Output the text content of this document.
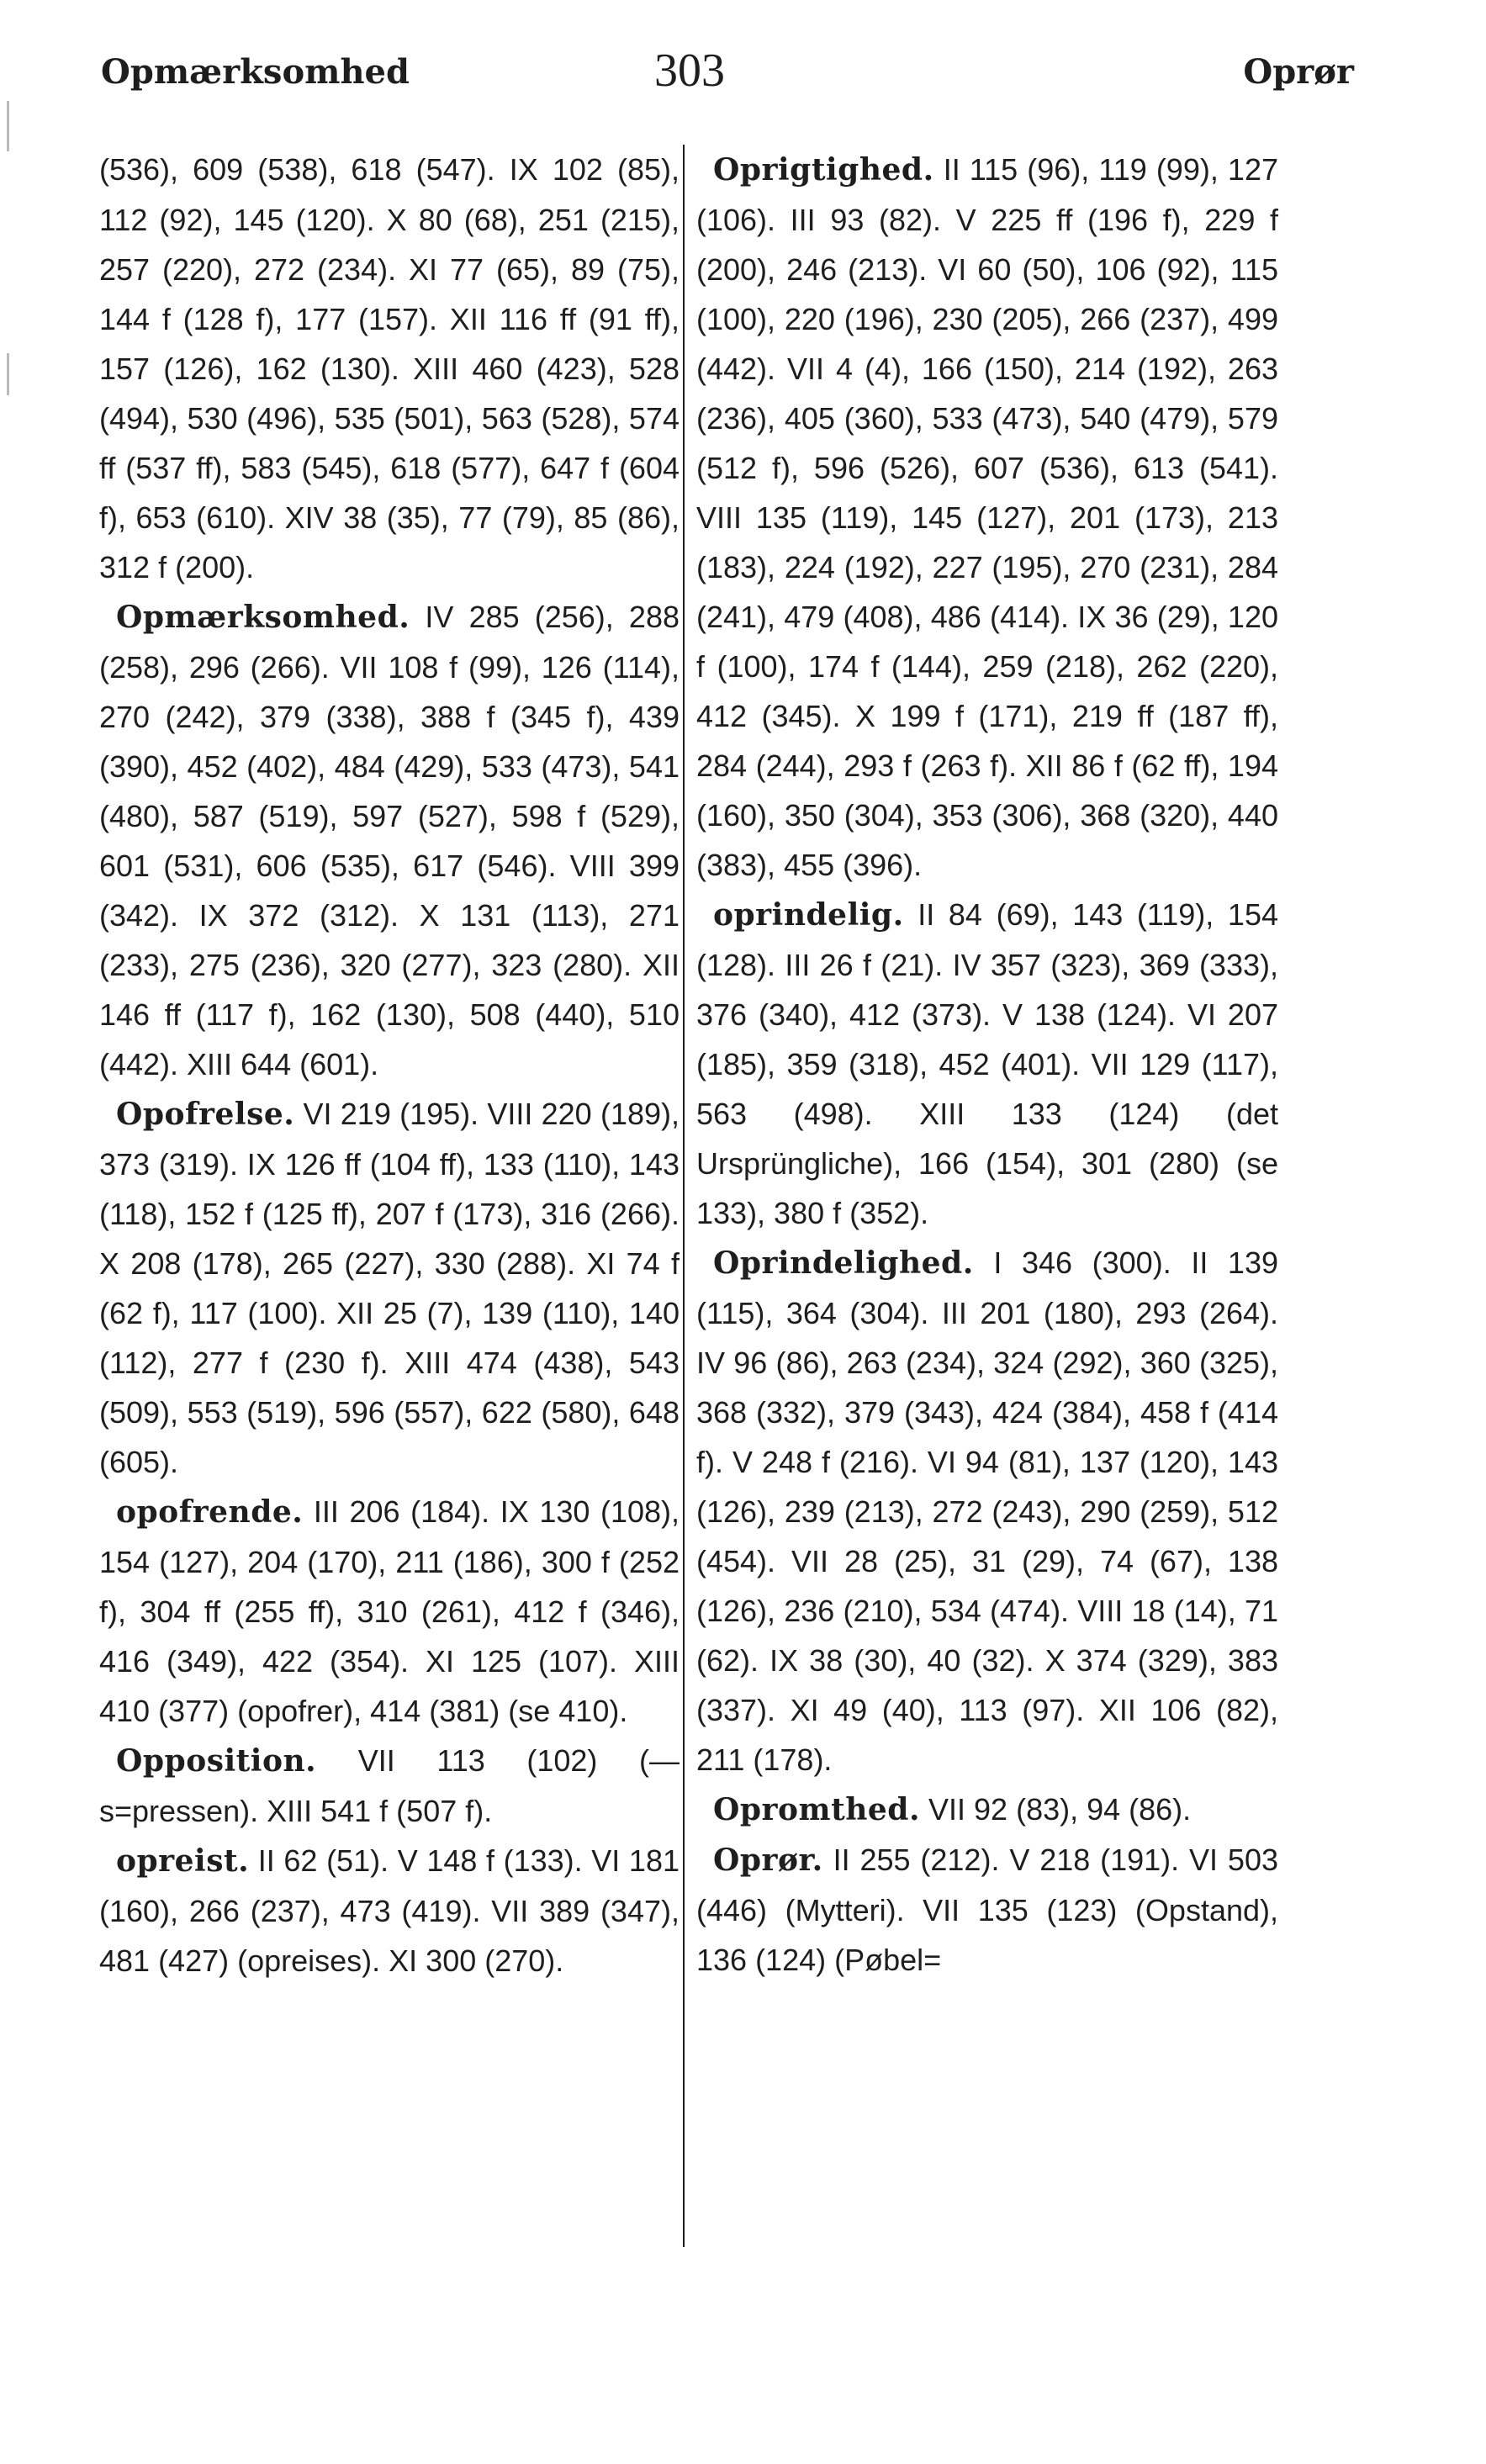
Opmærksomhed	303	Oprør

(536), 609 (538), 618 (547). IX 102 (85), 112 (92), 145 (120). X 80 (68), 251 (215), 257 (220), 272 (234). XI 77 (65), 89 (75), 144 f (128 f), 177 (157). XII 116 ff (91 ff), 157 (126), 162 (130). XIII 460 (423), 528 (494), 530 (496), 535 (501), 563 (528), 574 ff (537 ff), 583 (545), 618 (577), 647 f (604 f), 653 (610). XIV 38 (35), 77 (79), 85 (86), 312 f (200).

Opmærksomhed. IV 285 (256), 288 (258), 296 (266). VII 108 f (99), 126 (114), 270 (242), 379 (338), 388 f (345 f), 439 (390), 452 (402), 484 (429), 533 (473), 541 (480), 587 (519), 597 (527), 598 f (529), 601 (531), 606 (535), 617 (546). VIII 399 (342). IX 372 (312). X 131 (113), 271 (233), 275 (236), 320 (277), 323 (280). XII 146 ff (117 f), 162 (130), 508 (440), 510 (442). XIII 644 (601).

Opofrelse. VI 219 (195). VIII 220 (189), 373 (319). IX 126 ff (104 ff), 133 (110), 143 (118), 152 f (125 ff), 207 f (173), 316 (266). X 208 (178), 265 (227), 330 (288). XI 74 f (62 f), 117 (100). XII 25 (7), 139 (110), 140 (112), 277 f (230 f). XIII 474 (438), 543 (509), 553 (519), 596 (557), 622 (580), 648 (605).

opofrende. III 206 (184). IX 130 (108), 154 (127), 204 (170), 211 (186), 300 f (252 f), 304 ff (255 ff), 310 (261), 412 f (346), 416 (349), 422 (354). XI 125 (107). XIII 410 (377) (opofrer), 414 (381) (se 410).

Opposition. VII 113 (102) (—s=pressen). XIII 541 f (507 f).

opreist. II 62 (51). V 148 f (133). VI 181 (160), 266 (237), 473 (419). VII 389 (347), 481 (427) (opreises). XI 300 (270).

Oprigtighed. II 115 (96), 119 (99), 127 (106). III 93 (82). V 225 ff (196 f), 229 f (200), 246 (213). VI 60 (50), 106 (92), 115 (100), 220 (196), 230 (205), 266 (237), 499 (442). VII 4 (4), 166 (150), 214 (192), 263 (236), 405 (360), 533 (473), 540 (479), 579 (512 f), 596 (526), 607 (536), 613 (541). VIII 135 (119), 145 (127), 201 (173), 213 (183), 224 (192), 227 (195), 270 (231), 284 (241), 479 (408), 486 (414). IX 36 (29), 120 f (100), 174 f (144), 259 (218), 262 (220), 412 (345). X 199 f (171), 219 ff (187 ff), 284 (244), 293 f (263 f). XII 86 f (62 ff), 194 (160), 350 (304), 353 (306), 368 (320), 440 (383), 455 (396).

oprindelig. II 84 (69), 143 (119), 154 (128). III 26 f (21). IV 357 (323), 369 (333), 376 (340), 412 (373). V 138 (124). VI 207 (185), 359 (318), 452 (401). VII 129 (117), 563 (498). XIII 133 (124) (det Ursprüngliche), 166 (154), 301 (280) (se 133), 380 f (352).

Oprindelighed. I 346 (300). II 139 (115), 364 (304). III 201 (180), 293 (264). IV 96 (86), 263 (234), 324 (292), 360 (325), 368 (332), 379 (343), 424 (384), 458 f (414 f). V 248 f (216). VI 94 (81), 137 (120), 143 (126), 239 (213), 272 (243), 290 (259), 512 (454). VII 28 (25), 31 (29), 74 (67), 138 (126), 236 (210), 534 (474). VIII 18 (14), 71 (62). IX 38 (30), 40 (32). X 374 (329), 383 (337). XI 49 (40), 113 (97). XII 106 (82), 211 (178).

Opromthed. VII 92 (83), 94 (86).

Oprør. II 255 (212). V 218 (191). VI 503 (446) (Mytteri). VII 135 (123) (Opstand), 136 (124) (Pøbel=
